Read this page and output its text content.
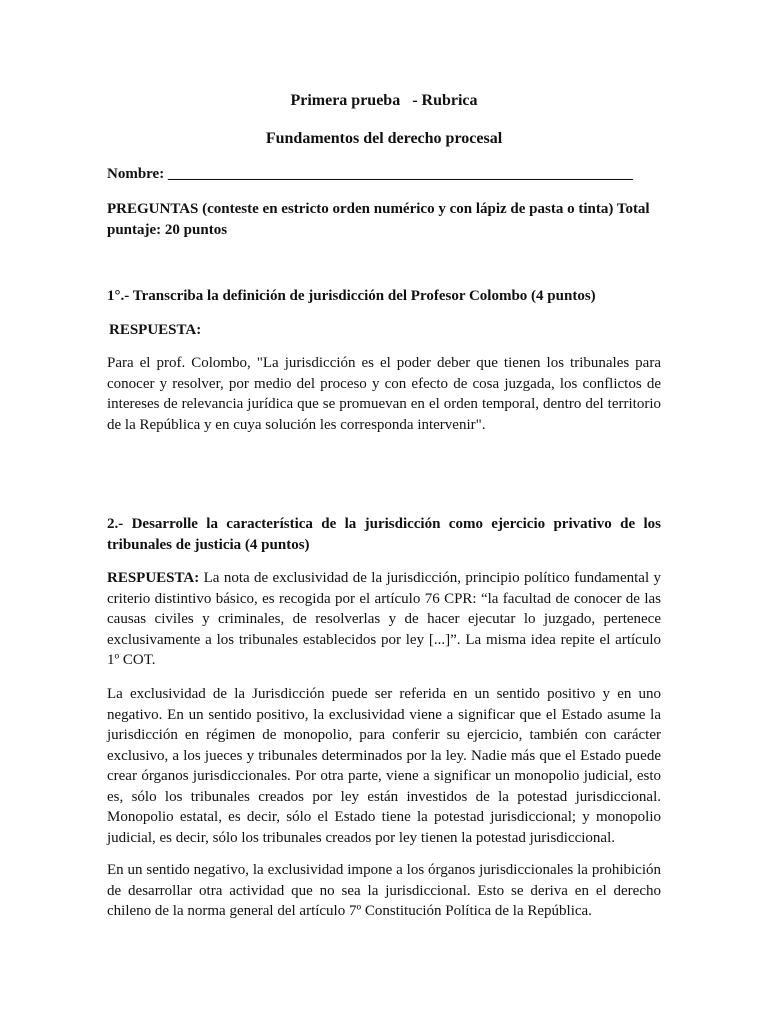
Primera prueba   - Rubrica
Fundamentos del derecho procesal
Nombre: ______________________________________________________________
PREGUNTAS (conteste en estricto orden numérico y con lápiz de pasta o tinta) Total puntaje: 20 puntos
1°.- Transcriba la definición de jurisdicción del Profesor Colombo (4 puntos)
RESPUESTA:
Para el prof. Colombo, "La jurisdicción es el poder deber que tienen los tribunales para conocer y resolver, por medio del proceso y con efecto de cosa juzgada, los conflictos de intereses de relevancia jurídica que se promuevan en el orden temporal, dentro del territorio de la República y en cuya solución les corresponda intervenir".
2.- Desarrolle la característica de la jurisdicción como ejercicio privativo de los tribunales de justicia (4 puntos)
RESPUESTA: La nota de exclusividad de la jurisdicción, principio político fundamental y criterio distintivo básico, es recogida por el artículo 76 CPR: “la facultad de conocer de las causas civiles y criminales, de resolverlas y de hacer ejecutar lo juzgado, pertenece exclusivamente a los tribunales establecidos por ley [...]”. La misma idea repite el artículo 1º COT.
La exclusividad de la Jurisdicción puede ser referida en un sentido positivo y en uno negativo. En un sentido positivo, la exclusividad viene a significar que el Estado asume la jurisdicción en régimen de monopolio, para conferir su ejercicio, también con carácter exclusivo, a los jueces y tribunales determinados por la ley. Nadie más que el Estado puede crear órganos jurisdiccionales. Por otra parte, viene a significar un monopolio judicial, esto es, sólo los tribunales creados por ley están investidos de la potestad jurisdiccional. Monopolio estatal, es decir, sólo el Estado tiene la potestad jurisdiccional; y monopolio judicial, es decir, sólo los tribunales creados por ley tienen la potestad jurisdiccional.
En un sentido negativo, la exclusividad impone a los órganos jurisdiccionales la prohibición de desarrollar otra actividad que no sea la jurisdiccional. Esto se deriva en el derecho chileno de la norma general del artículo 7º Constitución Política de la República.
